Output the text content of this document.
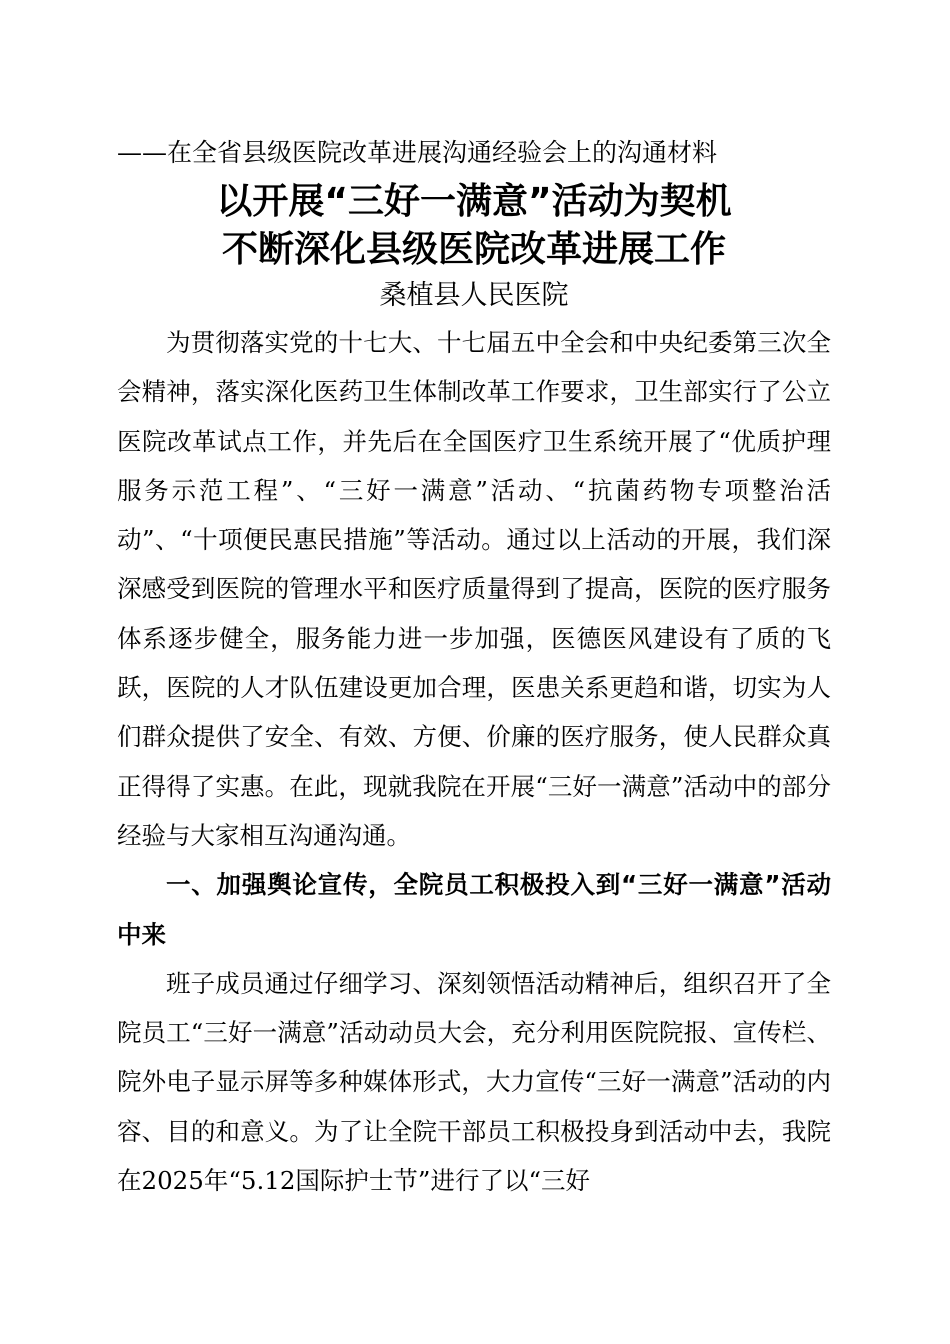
——在全省县级医院改革进展沟通经验会上的沟通材料

以开展“三好一满意”活动为契机
不断深化县级医院改革进展工作

桑植县人民医院

为贯彻落实党的十七大、十七届五中全会和中央纪委第三次全会精神，落实深化医药卫生体制改革工作要求，卫生部实行了公立医院改革试点工作，并先后在全国医疗卫生系统开展了“优质护理服务示范工程”、“三好一满意”活动、“抗菌药物专项整治活动”、“十项便民惠民措施”等活动。通过以上活动的开展，我们深深感受到医院的管理水平和医疗质量得到了提高，医院的医疗服务体系逐步健全，服务能力进一步加强，医德医风建设有了质的飞跃，医院的人才队伍建设更加合理，医患关系更趋和谐，切实为人们群众提供了安全、有效、方便、价廉的医疗服务，使人民群众真正得得了实惠。在此，现就我院在开展“三好一满意”活动中的部分经验与大家相互沟通沟通。

一、加强舆论宣传，全院员工积极投入到“三好一满意”活动中来

班子成员通过仔细学习、深刻领悟活动精神后，组织召开了全院员工“三好一满意”活动动员大会，充分利用医院院报、宣传栏、院外电子显示屏等多种媒体形式，大力宣传“三好一满意”活动的内容、目的和意义。为了让全院干部员工积极投身到活动中去，我院在2025年“5.12国际护士节”进行了以“三好
